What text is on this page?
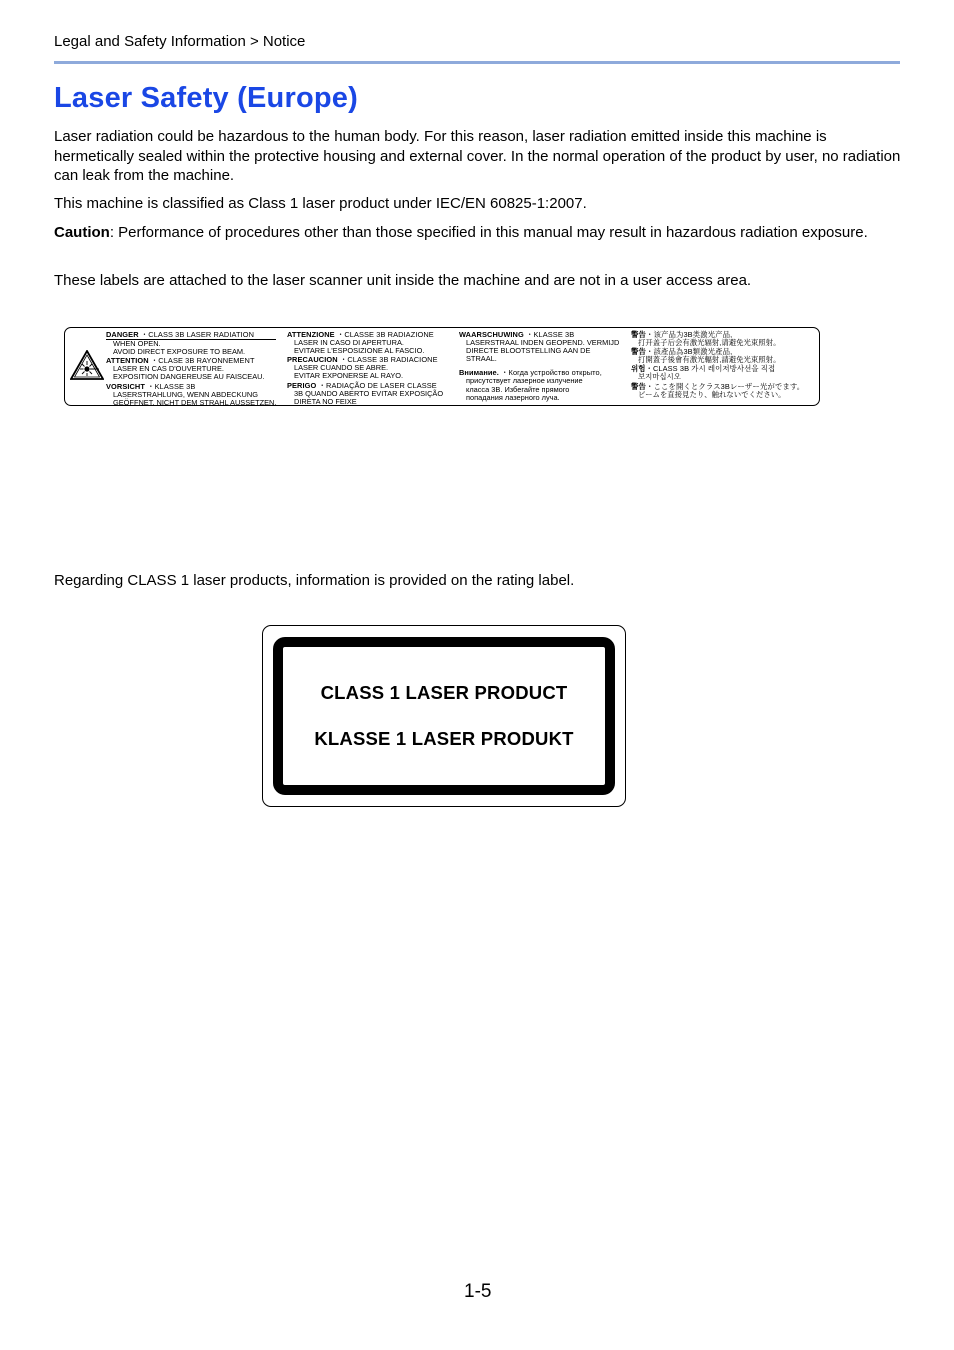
Legal and Safety Information > Notice
Laser Safety (Europe)

Laser radiation could be hazardous to the human body. For this reason, laser radiation emitted inside this machine is hermetically sealed within the protective housing and external cover. In the normal operation of the product by user, no radiation can leak from the machine.

This machine is classified as Class 1 laser product under IEC/EN 60825-1:2007.

Caution: Performance of procedures other than those specified in this manual may result in hazardous radiation exposure.

These labels are attached to the laser scanner unit inside the machine and are not in a user access area.

DANGER ・CLASS 3B LASER RADIATION
WHEN OPEN.
AVOID DIRECT EXPOSURE TO BEAM.
ATTENTION ・CLASE 3B RAYONNEMENT
LASER EN CAS D'OUVERTURE.
EXPOSITION DANGEREUSE AU FAISCEAU.
VORSICHT ・KLASSE 3B
LASERSTRAHLUNG, WENN ABDECKUNG
GEÖFFNET. NICHT DEM STRAHL AUSSETZEN.
ATTENZIONE ・CLASSE 3B RADIAZIONE
LASER IN CASO DI APERTURA.
EVITARE L'ESPOSIZIONE AL FASCIO.
PRECAUCION ・CLASSE 3B RADIACIONE
LASER CUANDO SE ABRE.
EVITAR EXPONERSE AL RAYO.
PERIGO ・RADIAÇÃO DE LASER CLASSE
3B QUANDO ABERTO EVITAR EXPOSIÇÃO
DIRETA NO FEIXE
WAARSCHUWING ・KLASSE 3B
LASERSTRAAL INDEN GEOPEND. VERMIJD
DIRECTE BLOOTSTELLING AAN DE
STRAAL.
Внимание. ・Когда устройство открыто,
присутствует лазерное излучение
класса 3В. Избегайте прямого
попадания лазерного луча.
警告・该产品为3B类激光产品,
打开盖子后会有激光辐射,请避免光束照射。
警告・該產品為3B類激光產品,
打開蓋子後會有激光輻射,請避免光束照射。
위험・CLASS 3B 가시 레이저방사선을 직접
보지마십시오
警告・ここを開くとクラス3Bレーザー光がでます。
ビームを直接見たり、触れないでください。

Regarding CLASS 1 laser products, information is provided on the rating label.

CLASS 1 LASER PRODUCT
KLASSE 1 LASER PRODUKT
1-5
